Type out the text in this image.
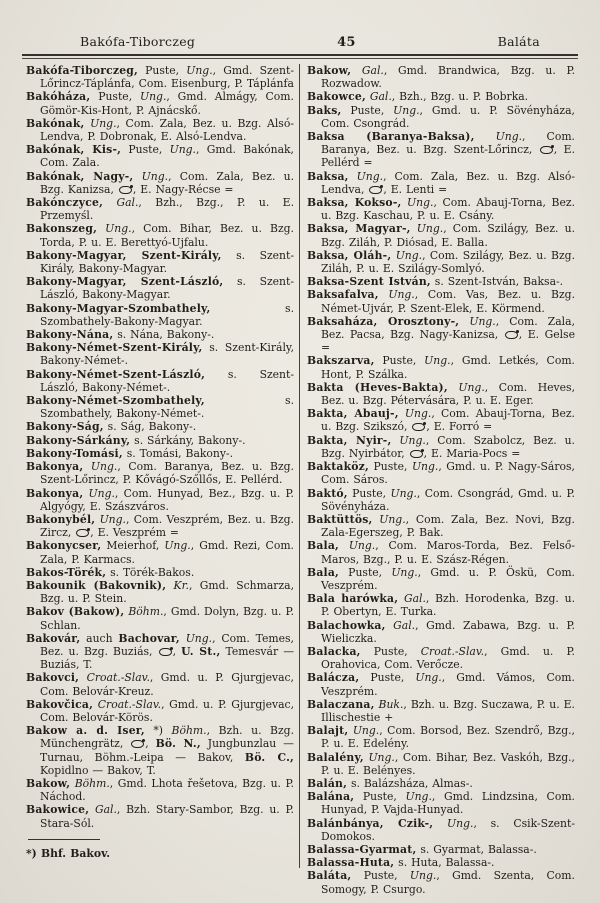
Bakófa-Tiborczeg	45	Baláta

Bakófa-Tiborczeg, Puste, Ung., Gmd. Szent-Lőrincz-Táplánfa, Com. Eisenburg, P. Táplánfa

Bakóháza, Puste, Ung., Gmd. Almágy, Com. Gömör-Kis-Hont, P. Ajnácskő.

Bakónak, Ung., Com. Zala, Bez. u. Bzg. Alsó-Lendva, P. Dobronak, E. Alsó-Lendva.

Bakónak, Kis-, Puste, Ung., Gmd. Bakónak, Com. Zala.

Bakónak, Nagy-, Ung., Com. Zala, Bez. u. Bzg. Kanizsa, , E. Nagy-Récse =

Bakónczyce, Gal., Bzh., Bzg., P. u. E. Przemyśl.

Bakonszeg, Ung., Com. Bihar, Bez. u. Bzg. Torda, P. u. E. Berettyó-Ujfalu.

Bakony-Magyar, Szent-Király, s. Szent-Király, Bakony-Magyar.

Bakony-Magyar, Szent-László, s. Szent-László, Bakony-Magyar.

Bakony-Magyar-Szombathely, s. Szombathely-Bakony-Magyar.

Bakony-Nána, s. Nána, Bakony-.

Bakony-Német-Szent-Király, s. Szent-Király, Bakony-Német-.

Bakony-Német-Szent-László, s. Szent-László, Bakony-Német-.

Bakony-Német-Szombathely, s. Szombathely, Bakony-Német-.

Bakony-Ság, s. Ság, Bakony-.

Bakony-Sárkány, s. Sárkány, Bakony-.

Bakony-Tomási, s. Tomási, Bakony-.

Bakonya, Ung., Com. Baranya, Bez. u. Bzg. Szent-Lőrincz, P. Kővágó-Szőllős, E. Pellérd.

Bakonya, Ung., Com. Hunyad, Bez., Bzg. u. P. Algyógy, E. Szászváros.

Bakonybél, Ung., Com. Veszprém, Bez. u. Bzg. Zircz, , E. Veszprém =

Bakonycser, Meierhof, Ung., Gmd. Rezi, Com. Zala, P. Karmacs.

Bakos-Törék, s. Törék-Bakos.

Bakounik (Bakovnik), Kr., Gmd. Schmarza, Bzg. u. P. Stein.

Bakov (Bakow), Böhm., Gmd. Dolyn, Bzg. u. P. Schlan.

Bakovár, auch Bachovar, Ung., Com. Temes, Bez. u. Bzg. Buziás, , U. St., Temesvár — Buziás, T.

Bakovci, Croat.-Slav., Gmd. u. P. Gjurgjevac, Com. Belovár-Kreuz.

Bakovčica, Croat.-Slav., Gmd. u. P. Gjurgjevac, Com. Belovár-Körös.

Bakow a. d. Iser, *) Böhm., Bzh. u. Bzg. Münchengrätz, , Bö. N., Jungbunzlau — Turnau, Böhm.-Leipa — Bakov, Bö. C., Kopidlno — Bakov, T.

Bakow, Böhm., Gmd. Lhota řešetova, Bzg. u. P. Náchod.

Bakowice, Gal., Bzh. Stary-Sambor, Bzg. u. P. Stara-Sól.

*) Bhf. Bakov.

Bakow, Gal., Gmd. Brandwica, Bzg. u. P. Rozwadow.

Bakowce, Gal., Bzh., Bzg. u. P. Bobrka.

Baks, Puste, Ung., Gmd. u. P. Sövényháza, Com. Csongrád.

Baksa (Baranya-Baksa), Ung., Com. Baranya, Bez. u. Bzg. Szent-Lőrincz, , E. Pellérd =

Baksa, Ung., Com. Zala, Bez. u. Bzg. Alsó-Lendva, , E. Lenti =

Baksa, Kokso-, Ung., Com. Abauj-Torna, Bez. u. Bzg. Kaschau, P. u. E. Csány.

Baksa, Magyar-, Ung., Com. Szilágy, Bez. u. Bzg. Ziláh, P. Diósad, E. Balla.

Baksa, Oláh-, Ung., Com. Szilágy, Bez. u. Bzg. Ziláh, P. u. E. Szilágy-Somlyó.

Baksa-Szent István, s. Szent-István, Baksa-.

Baksafalva, Ung., Com. Vas, Bez. u. Bzg. Német-Ujvár, P. Szent-Elek, E. Körmend.

Baksaháza, Orosztony-, Ung., Com. Zala, Bez. Pacsa, Bzg. Nagy-Kanizsa, , E. Gelse =

Bakszarva, Puste, Ung., Gmd. Letkés, Com. Hont, P. Szálka.

Bakta (Heves-Bakta), Ung., Com. Heves, Bez. u. Bzg. Pétervására, P. u. E. Eger.

Bakta, Abauj-, Ung., Com. Abauj-Torna, Bez. u. Bzg. Szikszó, , E. Forró =

Bakta, Nyir-, Ung., Com. Szabolcz, Bez. u. Bzg. Nyirbátor, , E. Maria-Pocs =

Baktaköz, Puste, Ung., Gmd. u. P. Nagy-Sáros, Com. Sáros.

Baktó, Puste, Ung., Com. Csongrád, Gmd. u. P. Sövényháza.

Baktüttös, Ung., Com. Zala, Bez. Novi, Bzg. Zala-Egerszeg, P. Bak.

Bala, Ung., Com. Maros-Torda, Bez. Felső-Maros, Bzg., P. u. E. Szász-Régen.

Bala, Puste, Ung., Gmd. u. P. Öskü, Com. Veszprém.

Bala harówka, Gal., Bzh. Horodenka, Bzg. u. P. Obertyn, E. Turka.

Balachowka, Gal., Gmd. Zabawa, Bzg. u. P. Wieliczka.

Balacka, Puste, Croat.-Slav., Gmd. u. P. Orahovica, Com. Verőcze.

Balácza, Puste, Ung., Gmd. Vámos, Com. Veszprém.

Balaczana, Buk., Bzh. u. Bzg. Suczawa, P. u. E. Illischestie +

Balajt, Ung., Com. Borsod, Bez. Szendrő, Bzg., P. u. E. Edelény.

Balalény, Ung., Com. Bihar, Bez. Vaskóh, Bzg., P. u. E. Belényes.

Balán, s. Balázsháza, Almas-.

Balána, Puste, Ung., Gmd. Lindzsina, Com. Hunyad, P. Vajda-Hunyad.

Balánbánya, Czik-, Ung., s. Csik-Szent-Domokos.

Balassa-Gyarmat, s. Gyarmat, Balassa-.

Balassa-Huta, s. Huta, Balassa-.

Baláta, Puste, Ung., Gmd. Szenta, Com. Somogy, P. Csurgo.
